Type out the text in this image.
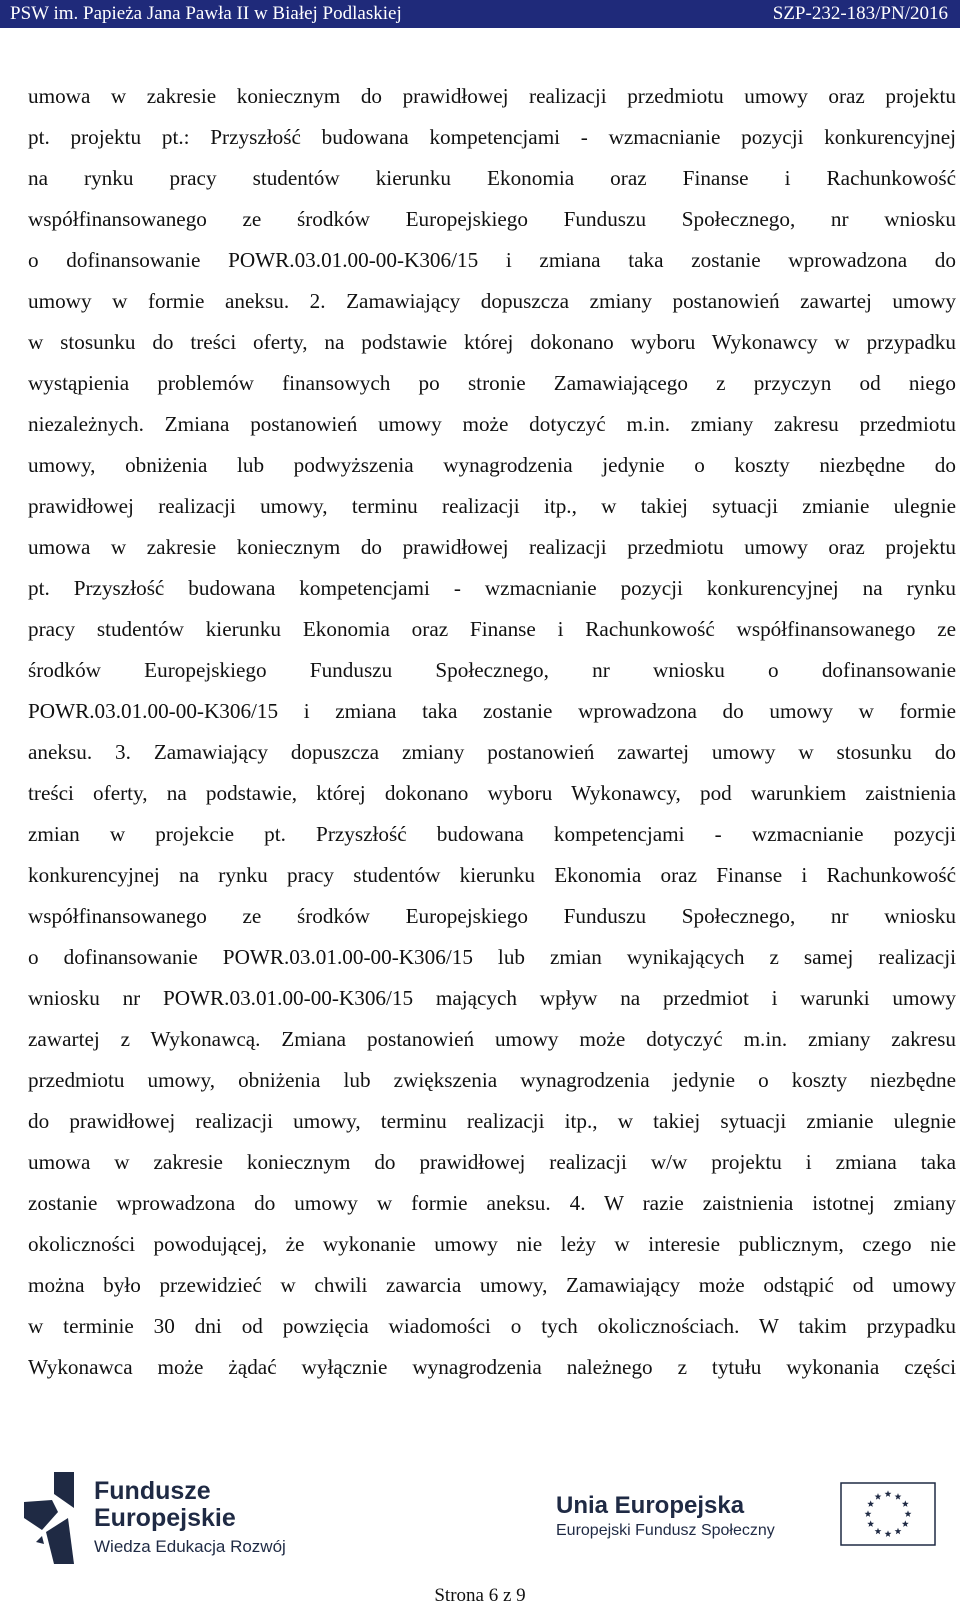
PSW im. Papieża Jana Pawła II w Białej Podlaskiej	SZP-232-183/PN/2016
umowa w zakresie koniecznym do prawidłowej realizacji przedmiotu umowy oraz projektu
pt. projektu pt.: Przyszłość budowana kompetencjami - wzmacnianie pozycji konkurencyjnej
na rynku pracy studentów kierunku Ekonomia oraz Finanse i Rachunkowość
współfinansowanego ze środków Europejskiego Funduszu Społecznego, nr wniosku
o dofinansowanie POWR.03.01.00-00-K306/15 i zmiana taka zostanie wprowadzona do
umowy w formie aneksu. 2. Zamawiający dopuszcza zmiany postanowień zawartej umowy
w stosunku do treści oferty, na podstawie której dokonano wyboru Wykonawcy w przypadku
wystąpienia problemów finansowych po stronie Zamawiającego z przyczyn od niego
niezależnych. Zmiana postanowień umowy może dotyczyć m.in. zmiany zakresu przedmiotu
umowy, obniżenia lub podwyższenia wynagrodzenia jedynie o koszty niezbędne do
prawidłowej realizacji umowy, terminu realizacji itp., w takiej sytuacji zmianie ulegnie
umowa w zakresie koniecznym do prawidłowej realizacji przedmiotu umowy oraz projektu
pt. Przyszłość budowana kompetencjami - wzmacnianie pozycji konkurencyjnej na rynku
pracy studentów kierunku Ekonomia oraz Finanse i Rachunkowość współfinansowanego ze
środków Europejskiego Funduszu Społecznego, nr wniosku o dofinansowanie
POWR.03.01.00-00-K306/15 i zmiana taka zostanie wprowadzona do umowy w formie
aneksu. 3. Zamawiający dopuszcza zmiany postanowień zawartej umowy w stosunku do
treści oferty, na podstawie, której dokonano wyboru Wykonawcy, pod warunkiem zaistnienia
zmian w projekcie pt. Przyszłość budowana kompetencjami - wzmacnianie pozycji
konkurencyjnej na rynku pracy studentów kierunku Ekonomia oraz Finanse i Rachunkowość
współfinansowanego ze środków Europejskiego Funduszu Społecznego, nr wniosku
o dofinansowanie POWR.03.01.00-00-K306/15 lub zmian wynikających z samej realizacji
wniosku nr POWR.03.01.00-00-K306/15 mających wpływ na przedmiot i warunki umowy
zawartej z Wykonawcą. Zmiana postanowień umowy może dotyczyć m.in. zmiany zakresu
przedmiotu umowy, obniżenia lub zwiększenia wynagrodzenia jedynie o koszty niezbędne
do prawidłowej realizacji umowy, terminu realizacji itp., w takiej sytuacji zmianie ulegnie
umowa w zakresie koniecznym do prawidłowej realizacji w/w projektu i zmiana taka
zostanie wprowadzona do umowy w formie aneksu. 4. W razie zaistnienia istotnej zmiany
okoliczności powodującej, że wykonanie umowy nie leży w interesie publicznym, czego nie
można było przewidzieć w chwili zawarcia umowy, Zamawiający może odstąpić od umowy
w terminie 30 dni od powzięcia wiadomości o tych okolicznościach. W takim przypadku
Wykonawca może żądać wyłącznie wynagrodzenia należnego z tytułu wykonania części
Fundusze
Europejskie
Wiedza Edukacja Rozwój
Unia Europejska
Europejski Fundusz Społeczny
Strona 6 z 9
